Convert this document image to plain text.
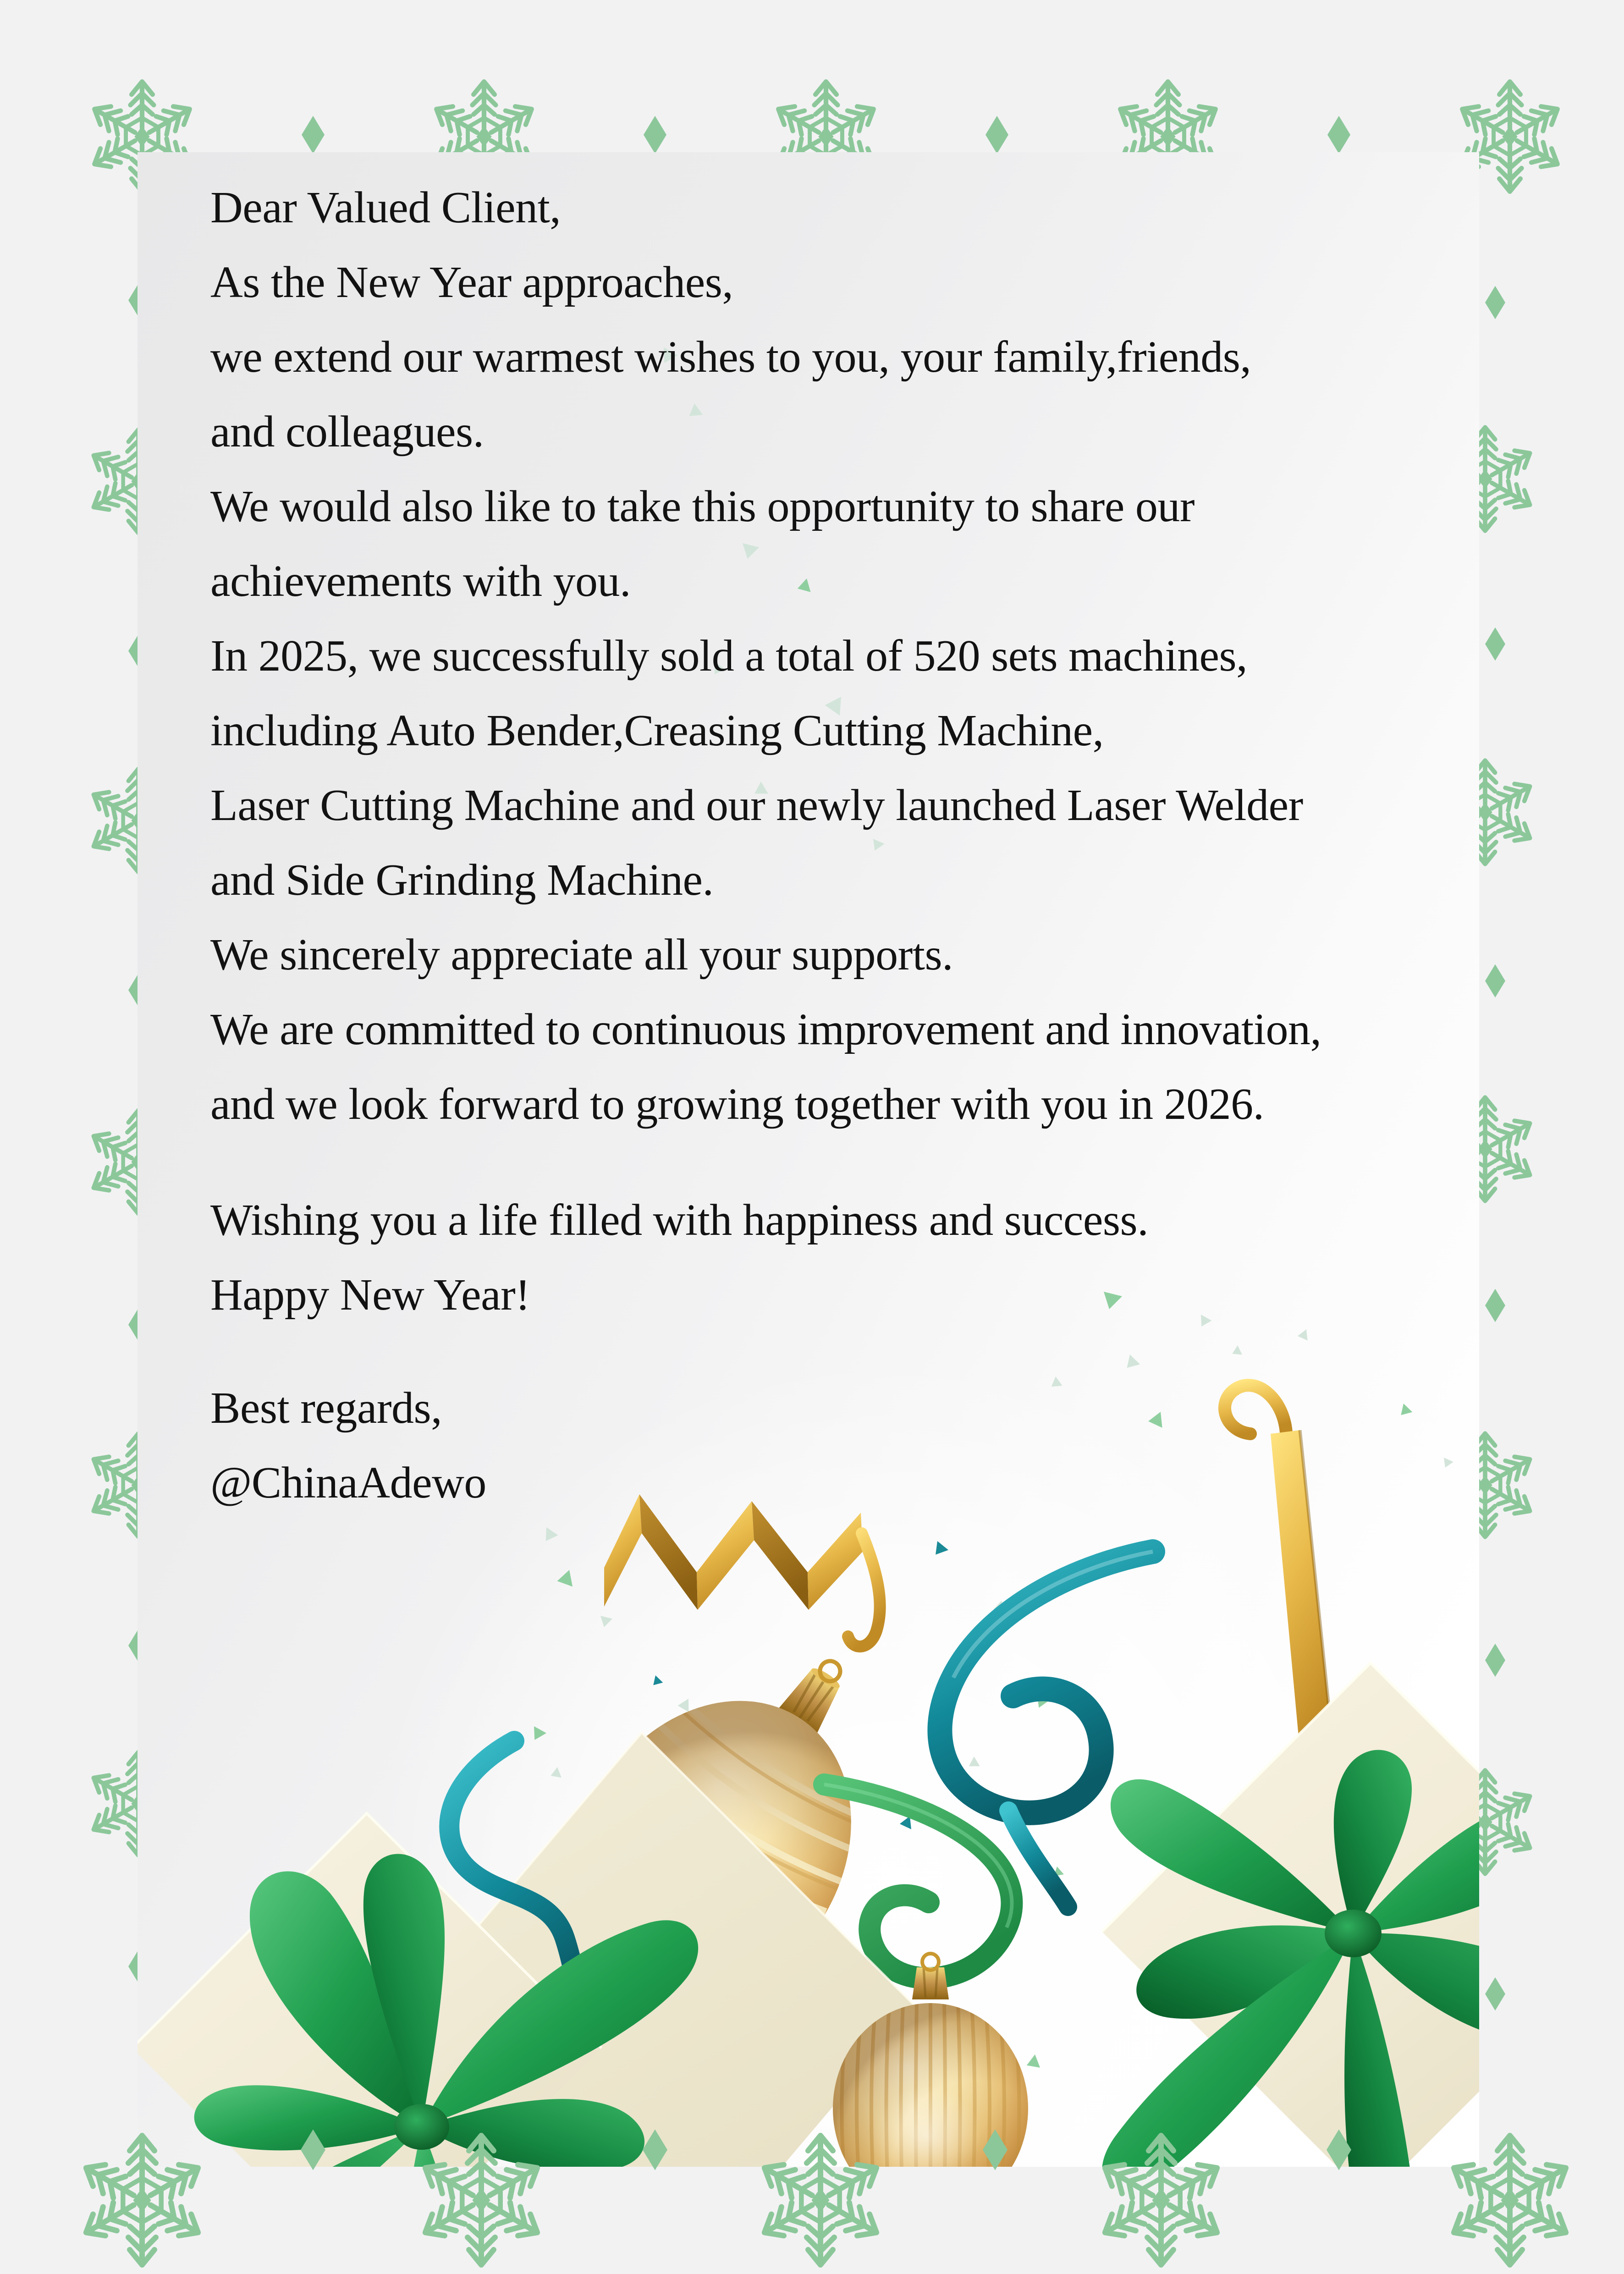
Dear Valued Client,
As the New Year approaches,
we extend our warmest wishes to you, your family,friends,
and colleagues.
We would also like to take this opportunity to share our
achievements with you.
In 2025, we successfully sold a total of 520 sets machines,
including Auto Bender,Creasing Cutting Machine,
Laser Cutting Machine and our newly launched Laser Welder
and Side Grinding Machine.
We sincerely appreciate all your supports.
We are committed to continuous improvement and innovation,
and we look forward to growing together with you in 2026.
Wishing you a life filled with happiness and success.
Happy New Year!
Best regards,
@ChinaAdewo
